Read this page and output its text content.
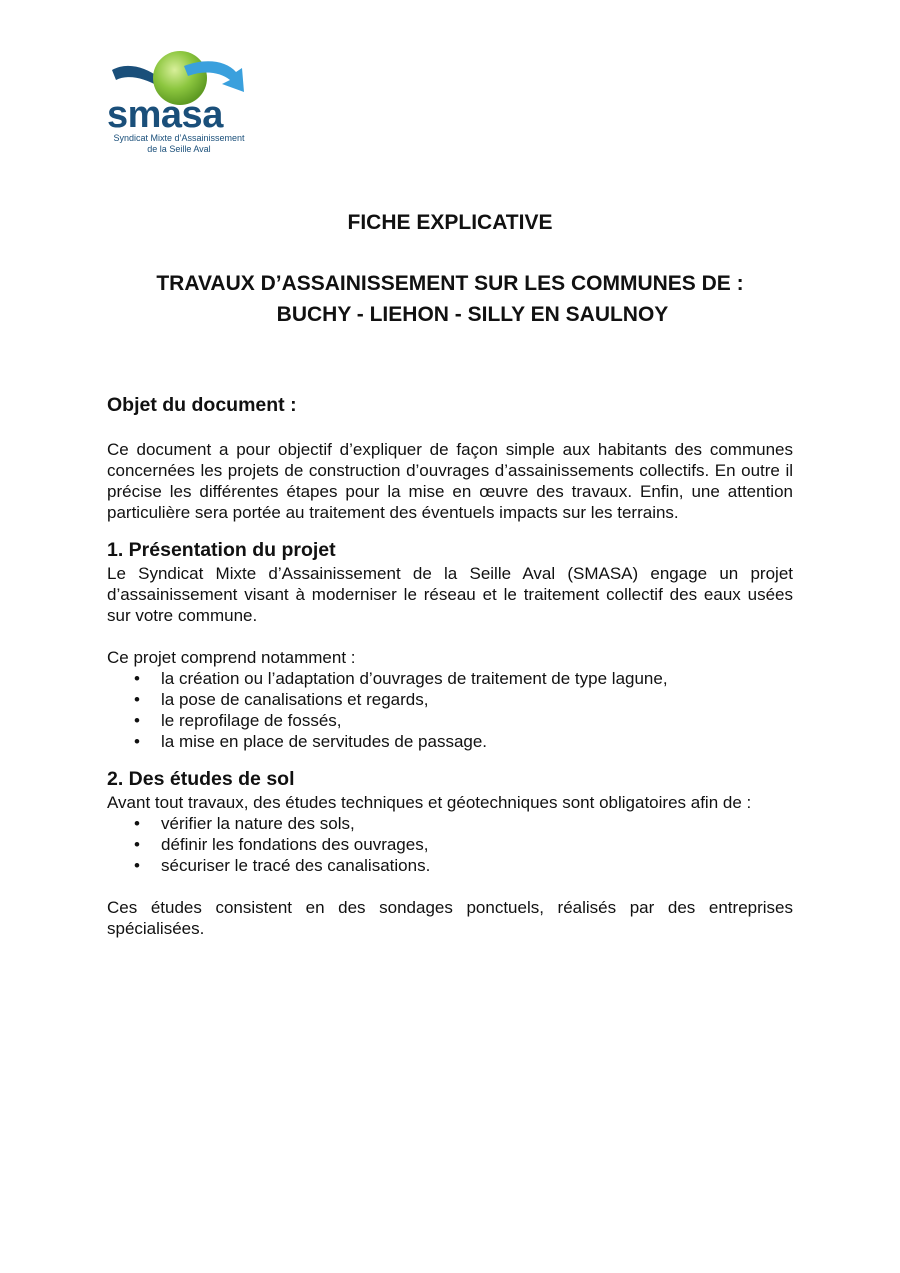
smasa
Syndicat Mixte d’Assainissement
de la Seille Aval
FICHE EXPLICATIVE
TRAVAUX D’ASSAINISSEMENT SUR LES COMMUNES DE :
BUCHY - LIEHON - SILLY EN SAULNOY
Objet du document :

Ce document a pour objectif d’expliquer de façon simple aux habitants des communes concernées les projets de construction d’ouvrages d’assainissements collectifs. En outre il précise les différentes étapes pour la mise en œuvre des travaux. Enfin, une attention particulière sera portée au traitement des éventuels impacts sur les terrains.

1. Présentation du projet

Le Syndicat Mixte d’Assainissement de la Seille Aval (SMASA) engage un projet d’assainissement visant à moderniser le réseau et le traitement collectif des eaux usées sur votre commune.

Ce projet comprend notamment :

• la création ou l’adaptation d’ouvrages de traitement de type lagune,
• la pose de canalisations et regards,
• le reprofilage de fossés,
• la mise en place de servitudes de passage.
2. Des études de sol

Avant tout travaux, des études techniques et géotechniques sont obligatoires afin de :

• vérifier la nature des sols,
• définir les fondations des ouvrages,
• sécuriser le tracé des canalisations.

Ces études consistent en des sondages ponctuels, réalisés par des entreprises spécialisées.
